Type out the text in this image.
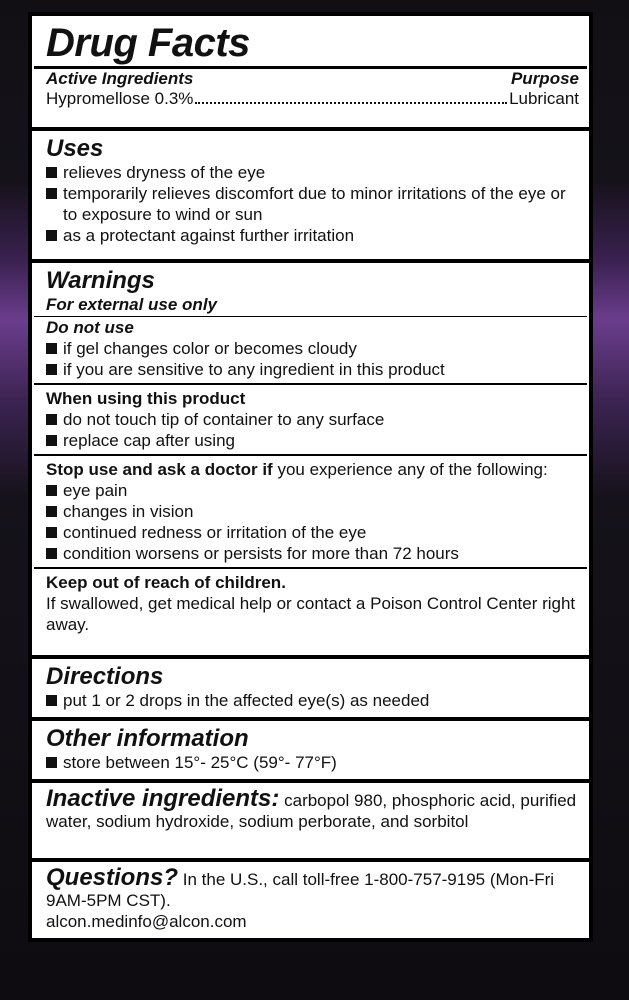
Drug Facts
Active Ingredients	Purpose
Hypromellose 0.3%	Lubricant
Uses
relieves dryness of the eye
temporarily relieves discomfort due to minor irritations of the eye or to exposure to wind or sun
as a protectant against further irritation
Warnings
For external use only
Do not use
if gel changes color or becomes cloudy
if you are sensitive to any ingredient in this product
When using this product
do not touch tip of container to any surface
replace cap after using
Stop use and ask a doctor if you experience any of the following:
eye pain
changes in vision
continued redness or irritation of the eye
condition worsens or persists for more than 72 hours
Keep out of reach of children.
If swallowed, get medical help or contact a Poison Control Center right away.
Directions
put 1 or 2 drops in the affected eye(s) as needed
Other information
store between 15°- 25°C (59°- 77°F)
Inactive ingredients: carbopol 980, phosphoric acid, purified water, sodium hydroxide, sodium perborate, and sorbitol
Questions? In the U.S., call toll-free 1-800-757-9195 (Mon-Fri 9AM-5PM CST).
alcon.medinfo@alcon.com
